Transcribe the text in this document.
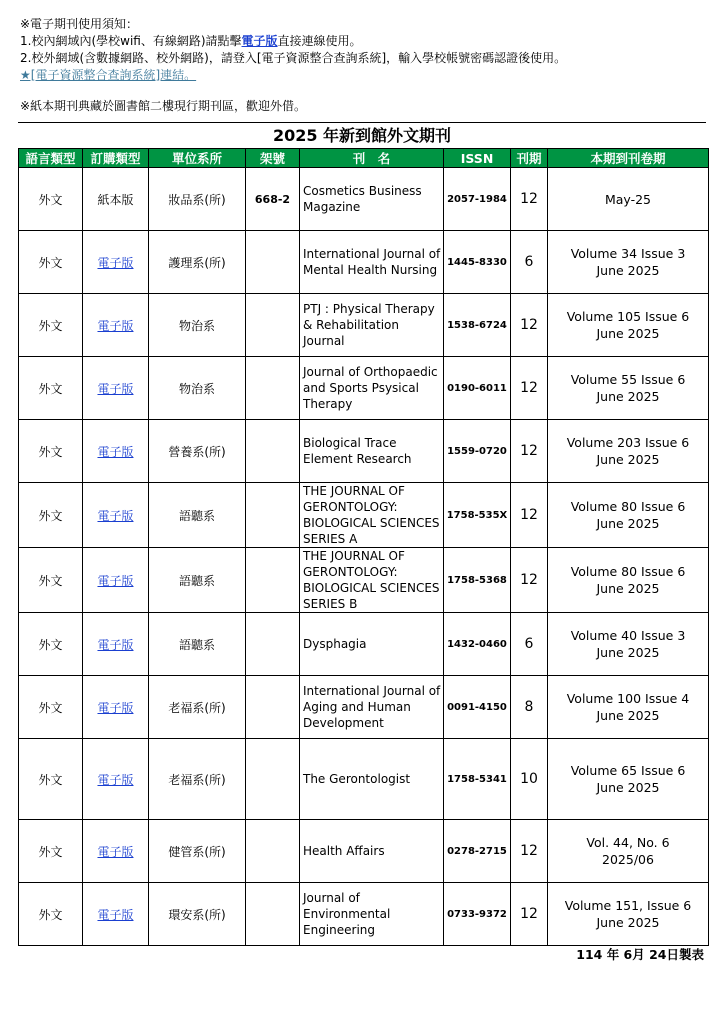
※電子期刊使用須知：
1.校內網域內(學校wifi、有線網路)請點擊電子版直接連線使用。
2.校外網域(含數據網路、校外網路)，請登入[電子資源整合查詢系統]，輸入學校帳號密碼認證後使用。
★[電子資源整合查詢系統]連結。
※紙本期刊典藏於圖書館二樓現行期刊區，歡迎外借。
2025 年新到館外文期刊
語言類型	訂購類型	單位系所	架號	刊　名	ISSN	刊期	本期到刊卷期
外文	紙本版	妝品系(所)	668-2	Cosmetics Business Magazine	2057-1984	12	May-25

外文	電子版	護理系(所)		International Journal of Mental Health Nursing	1445-8330	6	Volume 34 Issue 3
June 2025

外文	電子版	物治系		PTJ : Physical Therapy & Rehabilitation Journal	1538-6724	12	Volume 105 Issue 6
June 2025

外文	電子版	物治系		Journal of Orthopaedic and Sports Psysical Therapy	0190-6011	12	Volume 55 Issue 6
June 2025

外文	電子版	營養系(所)		Biological Trace Element Research	1559-0720	12	Volume 203 Issue 6
June 2025

外文	電子版	語聽系		THE JOURNAL OF GERONTOLOGY: BIOLOGICAL SCIENCES SERIES A	1758-535X	12	Volume 80 Issue 6
June 2025

外文	電子版	語聽系		THE JOURNAL OF GERONTOLOGY: BIOLOGICAL SCIENCES SERIES B	1758-5368	12	Volume 80 Issue 6
June 2025

外文	電子版	語聽系		Dysphagia	1432-0460	6	Volume 40 Issue 3
June 2025

外文	電子版	老福系(所)		International Journal of Aging and Human Development	0091-4150	8	Volume 100 Issue 4
June 2025

外文	電子版	老福系(所)		The Gerontologist	1758-5341	10	Volume 65 Issue 6
June 2025

外文	電子版	健管系(所)		Health Affairs	0278-2715	12	Vol. 44, No. 6
2025/06

外文	電子版	環安系(所)		Journal of Environmental Engineering	0733-9372	12	Volume 151, Issue 6
June 2025
114 年 6月 24日製表
